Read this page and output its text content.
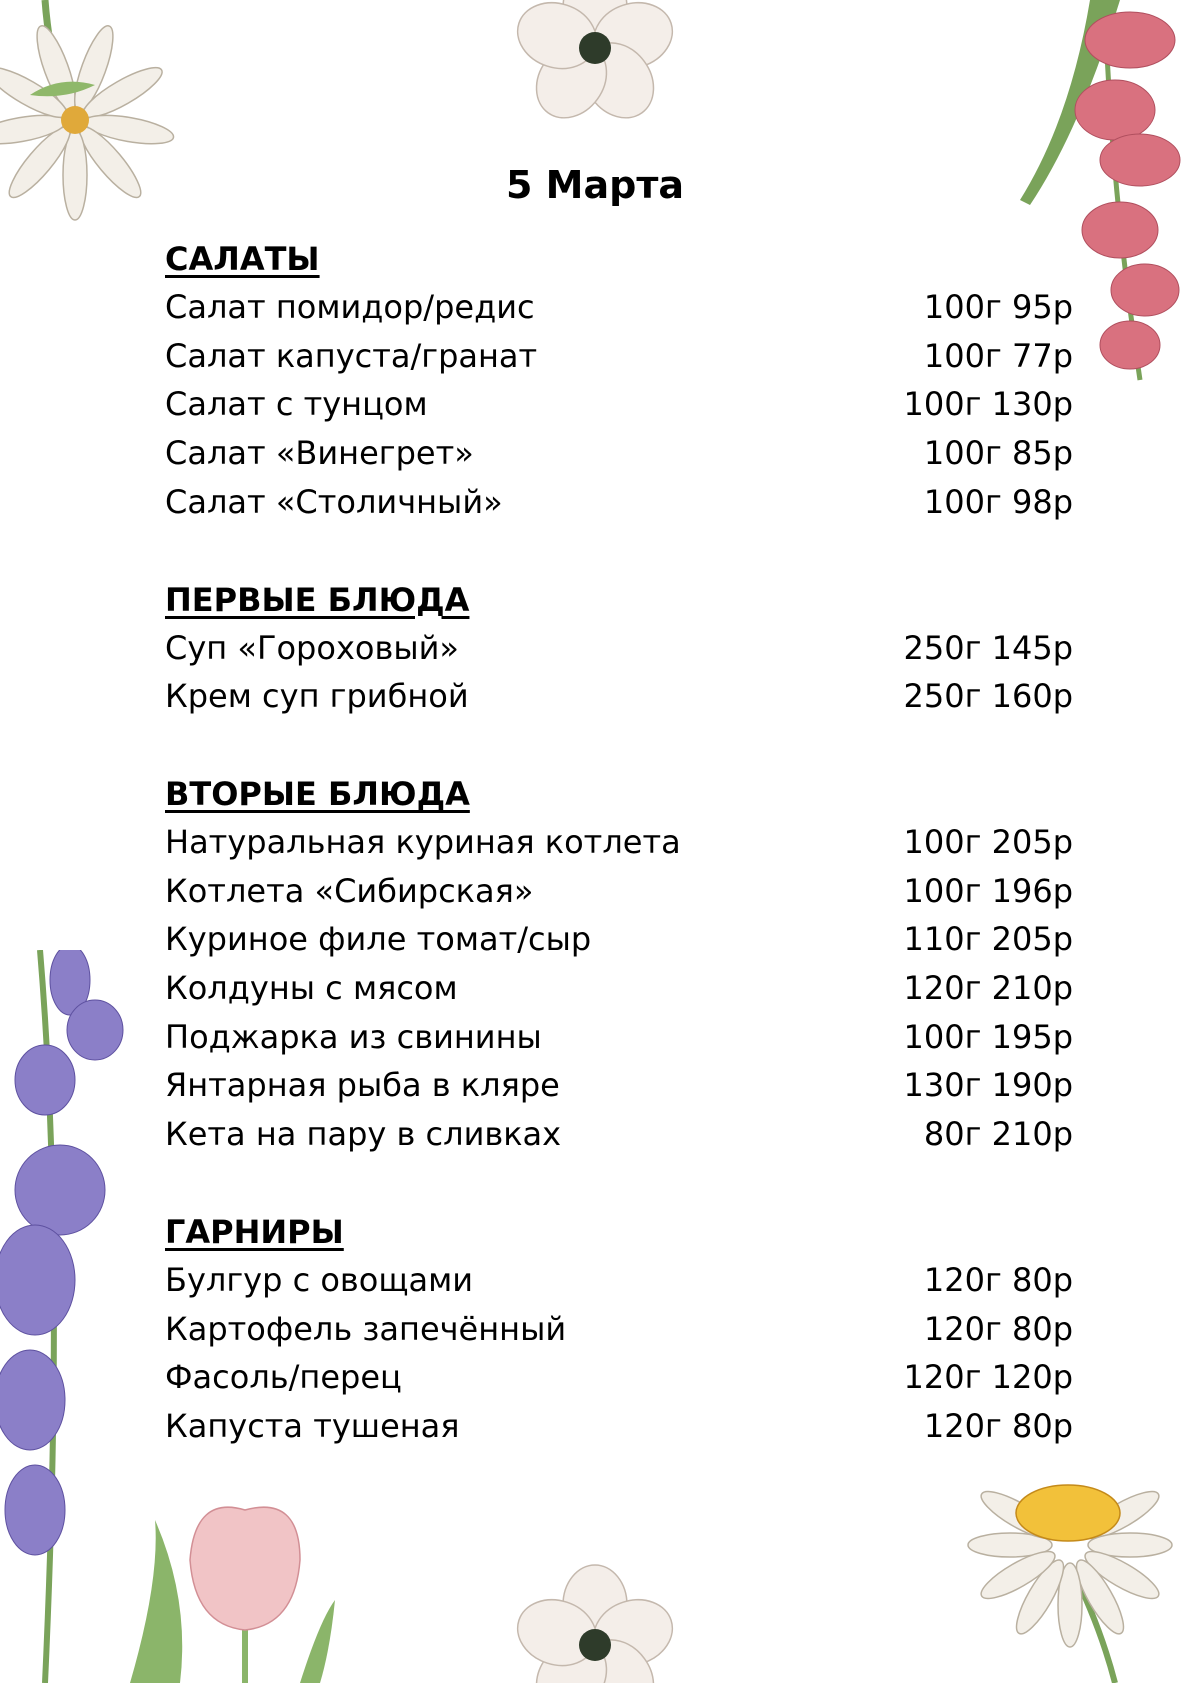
5 Марта
САЛАТЫ
Салат помидор/редис	100г 95р
Салат капуста/гранат	100г 77р
Салат с тунцом	100г 130р
Салат «Винегрет»	100г 85р
Салат «Столичный»	100г 98р
ПЕРВЫЕ БЛЮДА
Суп «Гороховый»	250г 145р
Крем суп грибной	250г 160р
ВТОРЫЕ БЛЮДА
Натуральная куриная котлета	100г 205р
Котлета «Сибирская»	100г 196р
Куриное филе томат/сыр	110г 205р
Колдуны с мясом	120г 210р
Поджарка из свинины	100г 195р
Янтарная рыба в кляре	130г 190р
Кета на пару в сливках	80г 210р
ГАРНИРЫ
Булгур с овощами	120г 80р
Картофель запечённый	120г 80р
Фасоль/перец	120г 120р
Капуста тушеная	120г 80р
